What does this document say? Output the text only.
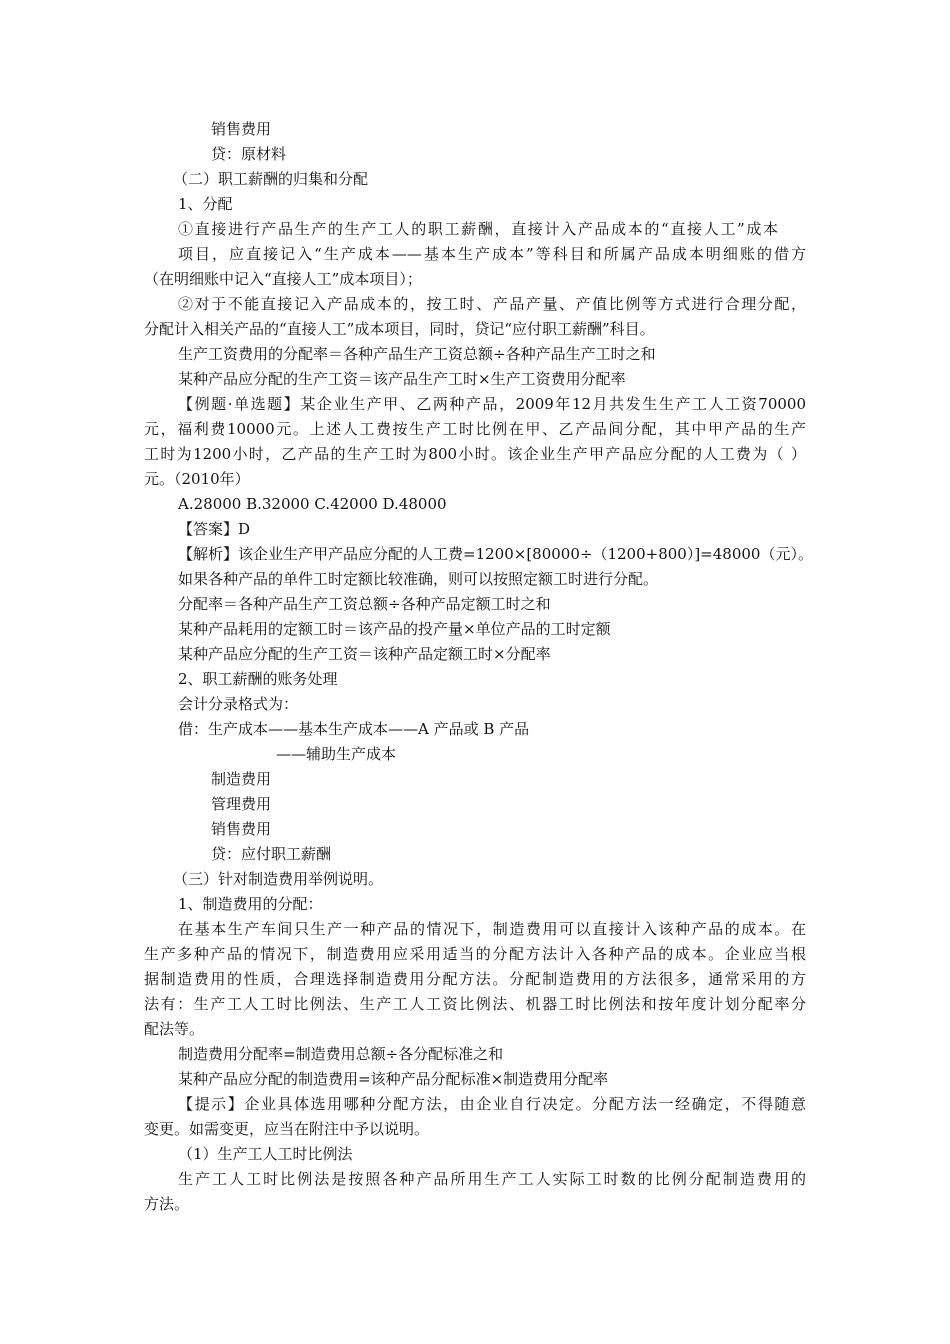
销售费用
贷：原材料
（二）职工薪酬的归集和分配
1、分配
①直接进行产品生产的生产工人的职工薪酬，直接计入产品成本的“直接人工”成本
项目，应直接记入“生产成本——基本生产成本”等科目和所属产品成本明细账的借方
（在明细账中记入“直接人工”成本项目）；
②对于不能直接记入产品成本的，按工时、产品产量、产值比例等方式进行合理分配，
分配计入相关产品的“直接人工”成本项目，同时，贷记“应付职工薪酬”科目。
生产工资费用的分配率＝各种产品生产工资总额÷各种产品生产工时之和
某种产品应分配的生产工资＝该产品生产工时×生产工资费用分配率
【例题·单选题】某企业生产甲、乙两种产品，2009年12月共发生生产工人工资70000
元，福利费10000元。上述人工费按生产工时比例在甲、乙产品间分配，其中甲产品的生产
工时为1200小时，乙产品的生产工时为800小时。该企业生产甲产品应分配的人工费为（ ）
元。（2010年）
A.28000 B.32000 C.42000 D.48000
【答案】D
【解析】该企业生产甲产品应分配的人工费=1200×[80000÷（1200+800）]=48000（元）。
如果各种产品的单件工时定额比较准确，则可以按照定额工时进行分配。
分配率＝各种产品生产工资总额÷各种产品定额工时之和
某种产品耗用的定额工时＝该产品的投产量×单位产品的工时定额
某种产品应分配的生产工资＝该种产品定额工时×分配率
2、职工薪酬的账务处理
会计分录格式为：
借：生产成本——基本生产成本——A 产品或 B 产品
——辅助生产成本
制造费用
管理费用
销售费用
贷：应付职工薪酬
（三）针对制造费用举例说明。
1、制造费用的分配：
在基本生产车间只生产一种产品的情况下，制造费用可以直接计入该种产品的成本。在
生产多种产品的情况下，制造费用应采用适当的分配方法计入各种产品的成本。企业应当根
据制造费用的性质，合理选择制造费用分配方法。分配制造费用的方法很多，通常采用的方
法有：生产工人工时比例法、生产工人工资比例法、机器工时比例法和按年度计划分配率分
配法等。
制造费用分配率=制造费用总额÷各分配标准之和
某种产品应分配的制造费用=该种产品分配标准×制造费用分配率
【提示】企业具体选用哪种分配方法，由企业自行决定。分配方法一经确定，不得随意
变更。如需变更，应当在附注中予以说明。
（1）生产工人工时比例法
生产工人工时比例法是按照各种产品所用生产工人实际工时数的比例分配制造费用的
方法。
